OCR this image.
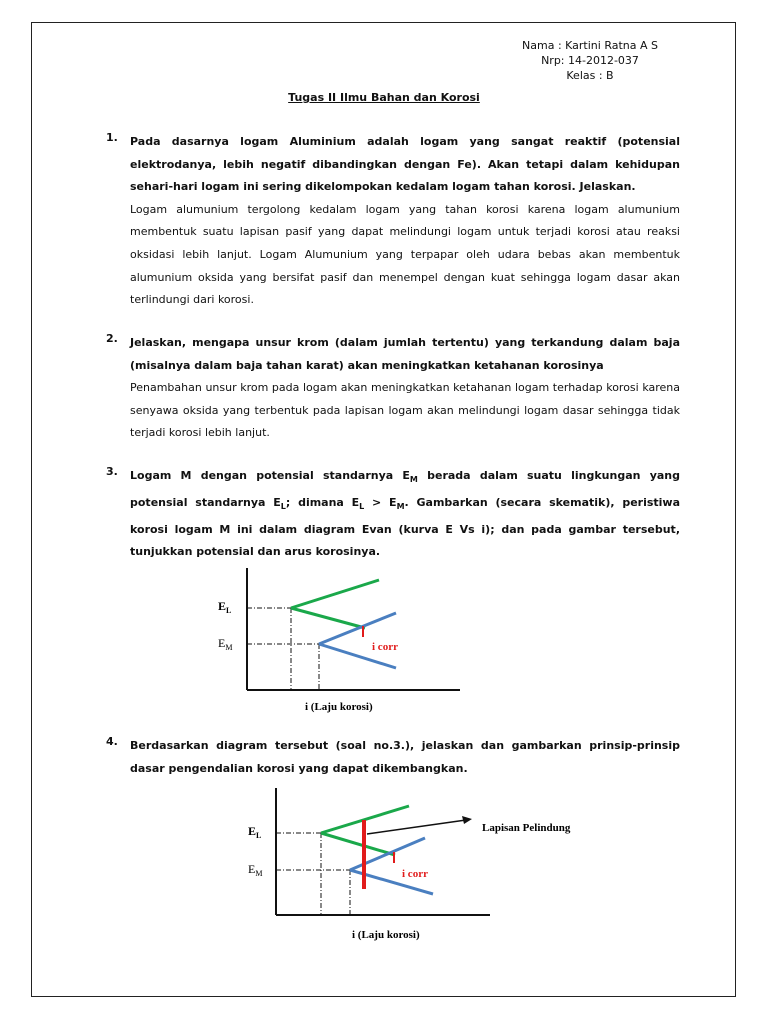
Nama : Kartini Ratna A S
Nrp: 14-2012-037
Kelas : B
Tugas II Ilmu Bahan dan Korosi
1. Pada dasarnya logam Aluminium adalah logam yang sangat reaktif (potensial elektrodanya, lebih negatif dibandingkan dengan Fe). Akan tetapi dalam kehidupan sehari-hari logam ini sering dikelompokan kedalam logam tahan korosi. Jelaskan.
Logam alumunium tergolong kedalam logam yang tahan korosi karena logam alumunium membentuk suatu lapisan pasif yang dapat melindungi logam untuk terjadi korosi atau reaksi oksidasi lebih lanjut. Logam Alumunium yang terpapar oleh udara bebas akan membentuk alumunium oksida yang bersifat pasif dan menempel dengan kuat sehingga logam dasar akan terlindungi dari korosi.
2. Jelaskan, mengapa unsur krom (dalam jumlah tertentu) yang terkandung dalam baja (misalnya dalam baja tahan karat) akan meningkatkan ketahanan korosinya
Penambahan unsur krom pada logam akan meningkatkan ketahanan logam terhadap korosi karena senyawa oksida yang terbentuk pada lapisan logam akan melindungi logam dasar sehingga tidak terjadi korosi lebih lanjut.
3. Logam M dengan potensial standarnya $E_M$ berada dalam suatu lingkungan yang potensial standarnya $E_L$; dimana $E_L > E_M$. Gambarkan (secara skematik), peristiwa korosi logam M ini dalam diagram Evan (kurva E Vs i); dan pada gambar tersebut, tunjukkan potensial dan arus korosinya.
$E_L$
$E_M$	i corr
i (Laju korosi)
4. Berdasarkan diagram tersebut (soal no.3.), jelaskan dan gambarkan prinsip-prinsip dasar pengendalian korosi yang dapat dikembangkan.
$E_L$
$E_M$	i corr
Lapisan Pelindung
i (Laju korosi)
